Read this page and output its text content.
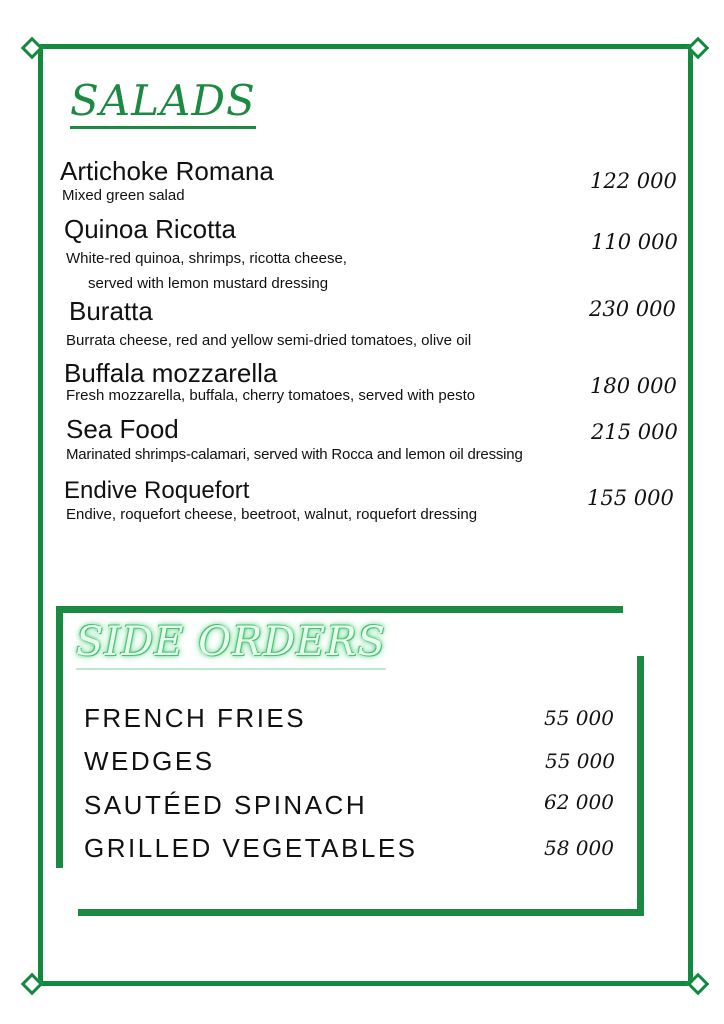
SALADS
Artichoke Romana
Mixed green salad
122 000
Quinoa Ricotta
White-red quinoa, shrimps, ricotta cheese,
served with lemon mustard dressing
110 000
Buratta
Burrata cheese, red and yellow semi-dried tomatoes, olive oil
230 000
Buffala mozzarella
Fresh mozzarella, buffala, cherry tomatoes, served with pesto	180 000
Sea Food
Marinated shrimps-calamari, served with Rocca and lemon oil dressing
215 000
Endive Roquefort
Endive, roquefort cheese, beetroot, walnut, roquefort dressing
155 000
SIDE ORDERS
FRENCH FRIES	55 000
WEDGES	55 000
SAUTÉED SPINACH	62 000
GRILLED VEGETABLES	58 000
